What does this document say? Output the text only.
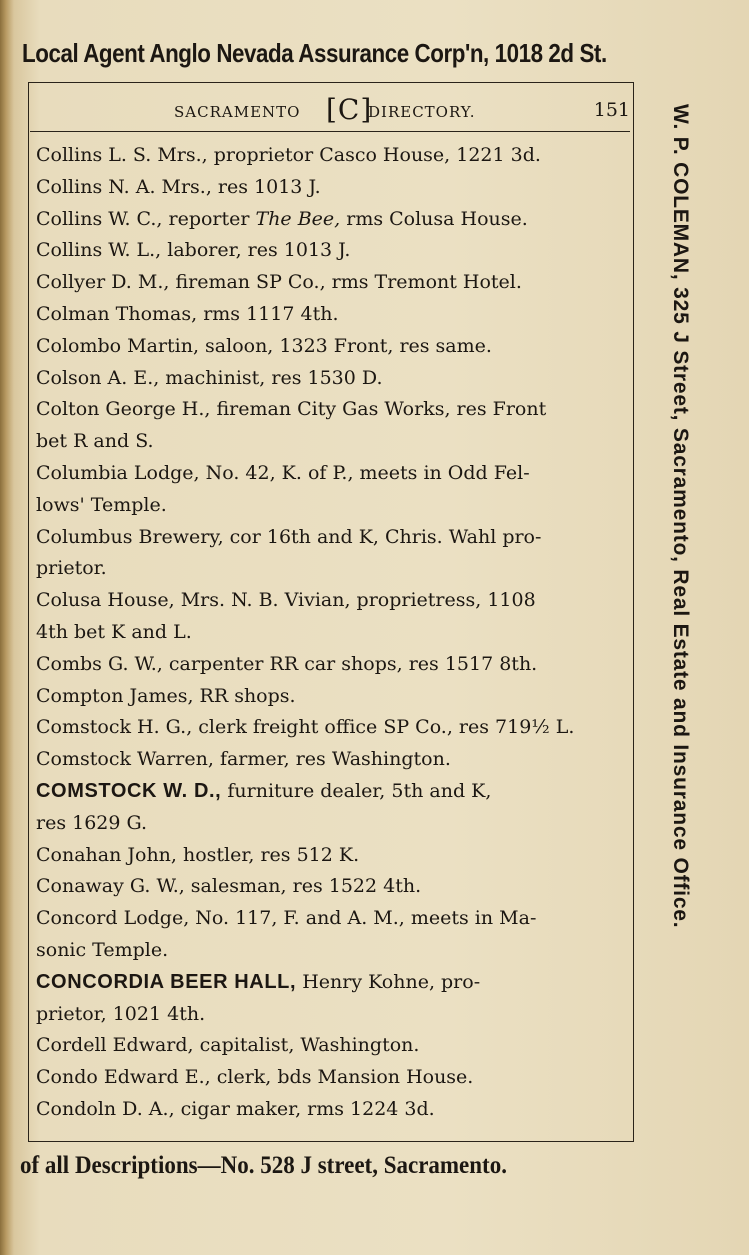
Local Agent Anglo Nevada Assurance Corp'n, 1018 2d St.
SACRAMENTO [C]
DIRECTORY.	151
Collins L. S. Mrs., proprietor Casco House, 1221 3d.
Collins N. A. Mrs., res 1013 J.
Collins W. C., reporter The Bee, rms Colusa House.
Collins W. L., laborer, res 1013 J.
Collyer D. M., fireman SP Co., rms Tremont Hotel.
Colman Thomas, rms 1117 4th.
Colombo Martin, saloon, 1323 Front, res same.
Colson A. E., machinist, res 1530 D.
Colton George H., fireman City Gas Works, res Front
bet R and S.
Columbia Lodge, No. 42, K. of P., meets in Odd Fel-
lows' Temple.
Columbus Brewery, cor 16th and K, Chris. Wahl pro-
prietor.
Colusa House, Mrs. N. B. Vivian, proprietress, 1108
4th bet K and L.
Combs G. W., carpenter RR car shops, res 1517 8th.
Compton James, RR shops.
Comstock H. G., clerk freight office SP Co., res 719½ L.
Comstock Warren, farmer, res Washington.
COMSTOCK W. D., furniture dealer, 5th and K,
res 1629 G.
Conahan John, hostler, res 512 K.
Conaway G. W., salesman, res 1522 4th.
Concord Lodge, No. 117, F. and A. M., meets in Ma-
sonic Temple.
CONCORDIA BEER HALL, Henry Kohne, pro-
prietor, 1021 4th.
Cordell Edward, capitalist, Washington.
Condo Edward E., clerk, bds Mansion House.
Condoln D. A., cigar maker, rms 1224 3d.
W. P. COLEMAN, 325 J Street, Sacramento, Real Estate and Insurance Office.
of all Descriptions—No. 528 J street, Sacramento.
